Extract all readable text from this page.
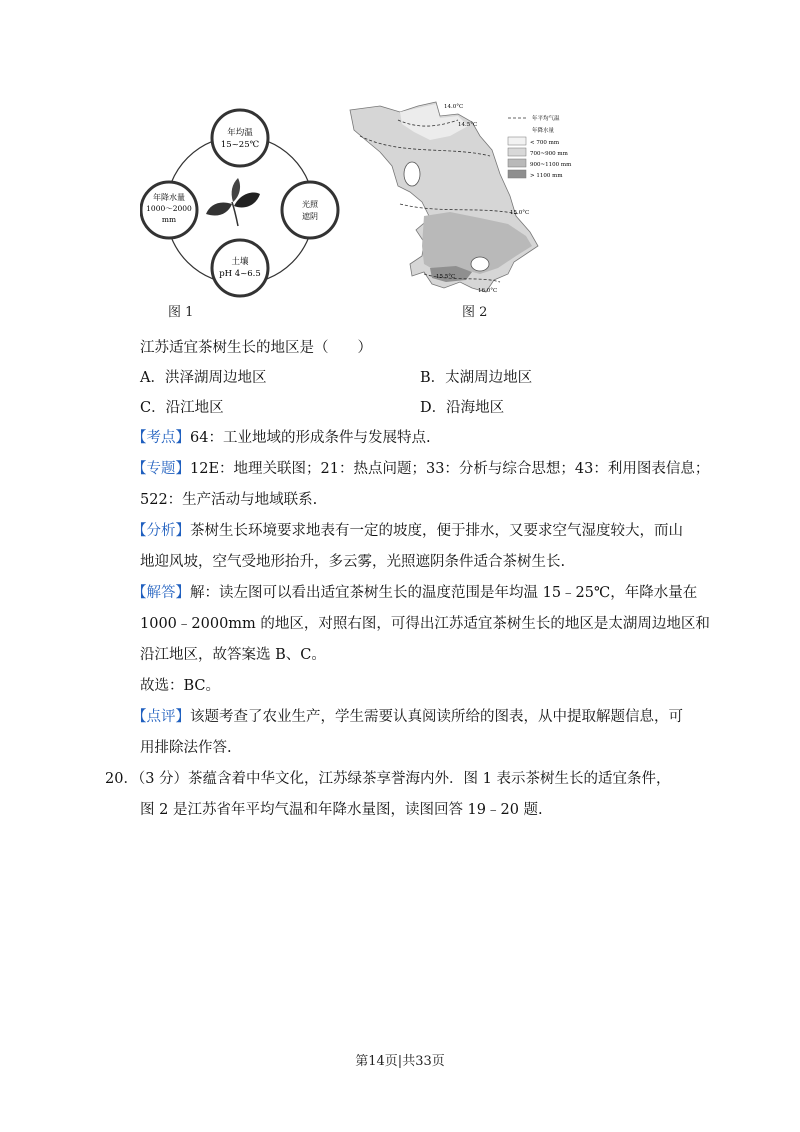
年均温
15~25℃
年降水量
1000～2000
mm
光照
遮阴
土壤
pH 4~6.5
图 1
14.0°C
14.5°C
15.0°C
15.5°C
16.0°C
年平均气温
年降水量
< 700 mm
700~900 mm
900~1100 mm
> 1100 mm
图 2
江苏适宜茶树生长的地区是（　　）
A．洪泽湖周边地区	B．太湖周边地区
C．沿江地区	D．沿海地区
【考点】64：工业地域的形成条件与发展特点.
【专题】12E：地理关联图；21：热点问题；33：分析与综合思想；43：利用图表信息；
522：生产活动与地域联系.
【分析】茶树生长环境要求地表有一定的坡度，便于排水，又要求空气湿度较大，而山
地迎风坡，空气受地形抬升，多云雾，光照遮阴条件适合茶树生长.
【解答】解：读左图可以看出适宜茶树生长的温度范围是年均温 15﹣25℃，年降水量在
1000﹣2000mm 的地区，对照右图，可得出江苏适宜茶树生长的地区是太湖周边地区和
沿江地区，故答案选 B、C。
故选：BC。
【点评】该题考查了农业生产，学生需要认真阅读所给的图表，从中提取解题信息，可
用排除法作答.
20．（3 分）茶蕴含着中华文化，江苏绿茶享誉海内外．图 1 表示茶树生长的适宜条件，
图 2 是江苏省年平均气温和年降水量图，读图回答 19﹣20 题.
第14页|共33页
